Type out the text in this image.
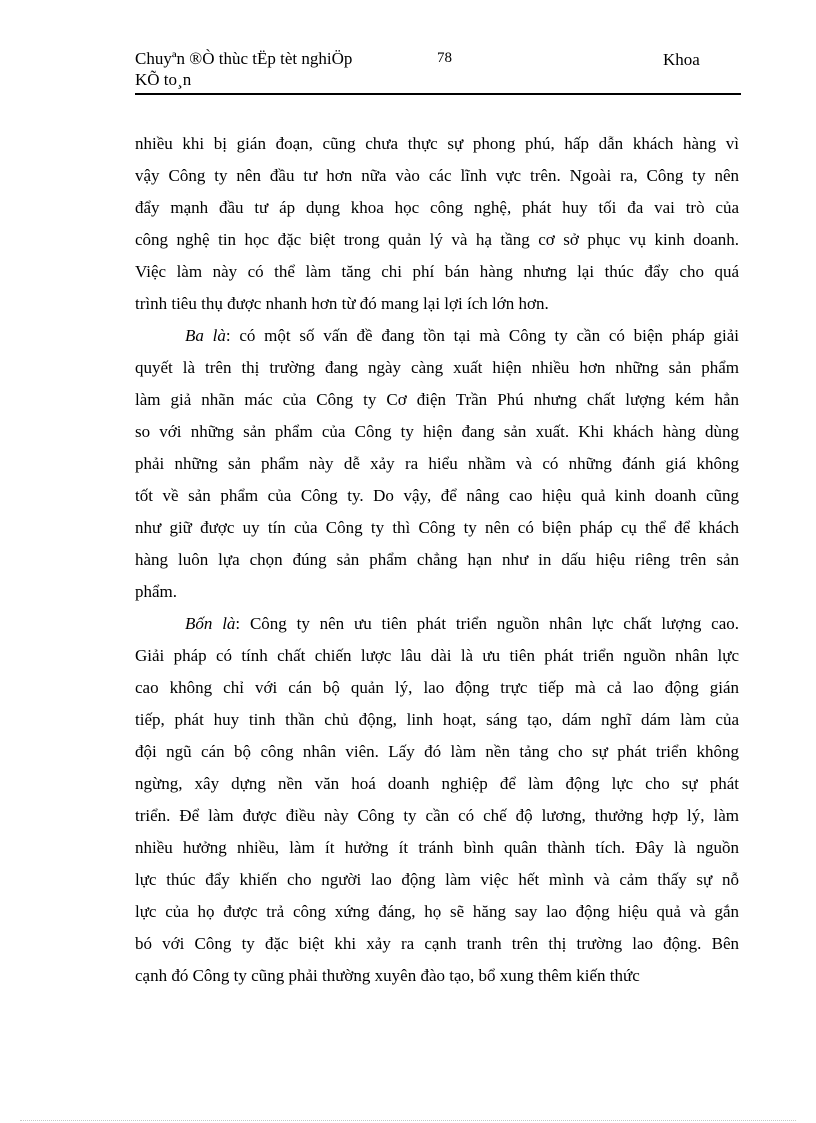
Chuyªn ®Ò thùc tËp tèt nghiÖp
KÕ to¸n
78	Khoa
nhiều khi bị gián đoạn, cũng chưa thực sự phong phú, hấp dẫn khách hàng vì
vậy Công ty nên đầu tư hơn nữa vào các lĩnh vực trên. Ngoài ra, Công ty nên
đẩy mạnh đầu tư áp dụng khoa học công nghệ, phát huy tối đa vai trò của
công nghệ tin học đặc biệt trong quản lý và hạ tầng cơ sở phục vụ kinh doanh.
Việc làm này có thể làm tăng chi phí bán hàng nhưng lại thúc đẩy cho quá
trình tiêu thụ được nhanh hơn từ đó mang lại lợi ích lớn hơn.
Ba là: có một số vấn đề đang tồn tại mà Công ty cần có biện pháp giải
quyết là trên thị trường đang ngày càng xuất hiện nhiều hơn những sản phẩm
làm giả nhãn mác của Công ty Cơ điện Trần Phú nhưng chất lượng kém hẳn
so với những sản phẩm của Công ty hiện đang sản xuất. Khi khách hàng dùng
phải những sản phẩm này dễ xảy ra hiểu nhầm và có những đánh giá không
tốt về sản phẩm của Công ty. Do vậy, để nâng cao hiệu quả kinh doanh cũng
như giữ được uy tín của Công ty thì Công ty nên có biện pháp cụ thể để khách
hàng luôn lựa chọn đúng sản phẩm chẳng hạn như in dấu hiệu riêng trên sản
phẩm.
Bốn là: Công ty nên ưu tiên phát triển nguồn nhân lực chất lượng cao.
Giải pháp có tính chất chiến lược lâu dài là ưu tiên phát triển nguồn nhân lực
cao không chỉ với cán bộ quản lý, lao động trực tiếp mà cả lao động gián
tiếp, phát huy tinh thần chủ động, linh hoạt, sáng tạo, dám nghĩ dám làm của
đội ngũ cán bộ công nhân viên. Lấy đó làm nền tảng cho sự phát triển không
ngừng, xây dựng nền văn hoá doanh nghiệp để làm động lực cho sự phát
triển. Để làm được điều này Công ty cần có chế độ lương, thưởng hợp lý, làm
nhiều hưởng nhiều, làm ít hưởng ít tránh bình quân thành tích. Đây là nguồn
lực thúc đẩy khiến cho người lao động làm việc hết mình và cảm thấy sự nỗ
lực của họ được trả công xứng đáng, họ sẽ hăng say lao động hiệu quả và gắn
bó với Công ty đặc biệt khi xảy ra cạnh tranh trên thị trường lao động. Bên
cạnh đó Công ty cũng phải thường xuyên đào tạo, bổ xung thêm kiến thức
